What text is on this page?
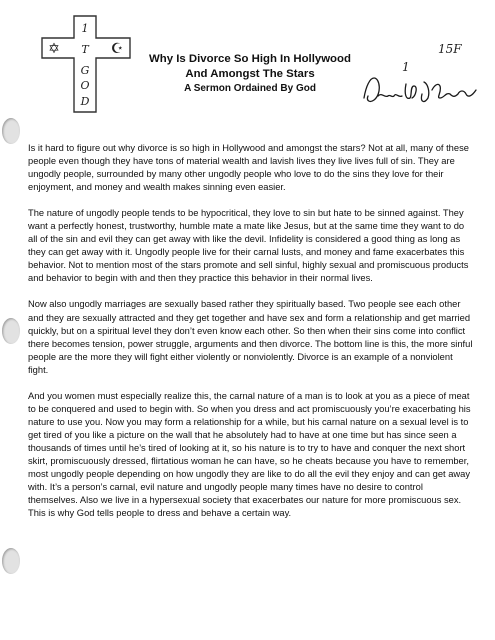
✡	☪
1
T
G
O
D
Why Is Divorce So High In Hollywood
And Amongst The Stars
A Sermon Ordained By God
15F
1

Is it hard to figure out why divorce is so high in Hollywood and amongst the stars? Not at all, many of these people even though they have tons of material wealth and lavish lives they live lives full of sin. They are ungodly people, surrounded by many other ungodly people who love to do the sins they love for their enjoyment, and money and wealth makes sinning even easier.

The nature of ungodly people tends to be hypocritical, they love to sin but hate to be sinned against. They want a perfectly honest, trustworthy, humble mate a mate like Jesus, but at the same time they want to do all of the sin and evil they can get away with like the devil. Infidelity is considered a good thing as long as they can get away with it. Ungodly people live for their carnal lusts, and money and fame exacerbates this behavior. Not to mention most of the stars promote and sell sinful, highly sexual and promiscuous products and behavior to begin with and then they practice this behavior in their normal lives.

Now also ungodly marriages are sexually based rather they spiritually based. Two people see each other and they are sexually attracted and they get together and have sex and form a relationship and get married quickly, but on a spiritual level they don’t even know each other. So then when their sins come into conflict there becomes tension, power struggle, arguments and then divorce. The bottom line is this, the more sinful people are the more they will fight either violently or nonviolently. Divorce is an example of a nonviolent fight.

And you women must especially realize this, the carnal nature of a man is to look at you as a piece of meat to be conquered and used to begin with. So when you dress and act promiscuously you’re exacerbating his nature to use you. Now you may form a relationship for a while, but his carnal nature on a sexual level is to get tired of you like a picture on the wall that he absolutely had to have at one time but has since seen a thousands of times until he’s tired of looking at it, so his nature is to try to have and conquer the next short skirt, promiscuously dressed, flirtatious woman he can have, so he cheats because you have to remember, most ungodly people depending on how ungodly they are like to do all the evil they enjoy and can get away with. It’s a person’s carnal, evil nature and ungodly people many times have no desire to control themselves. Also we live in a hypersexual society that exacerbates our nature for more promiscuous sex. This is why God tells people to dress and behave a certain way.
